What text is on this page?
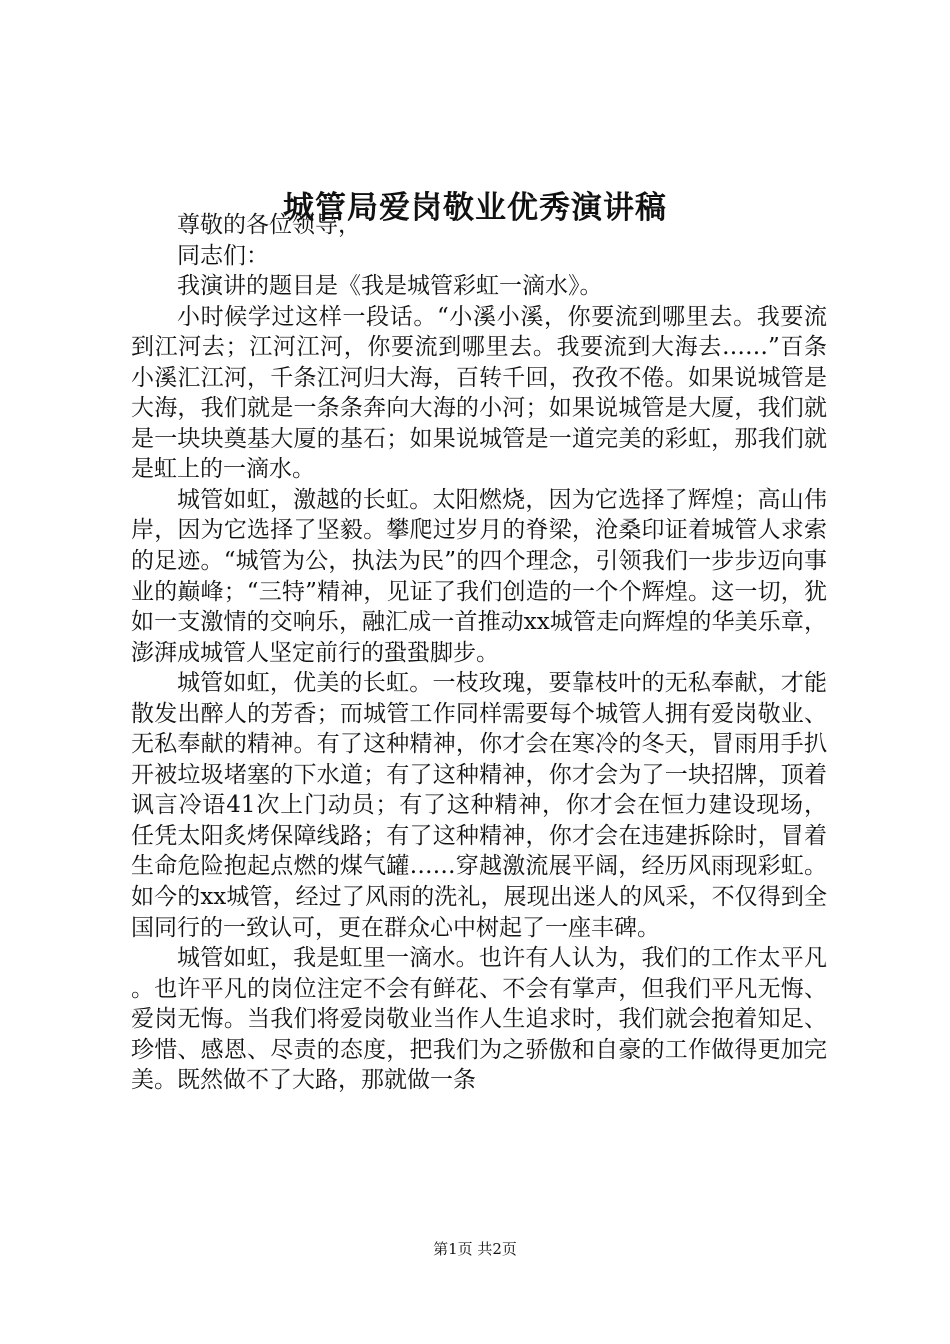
城管局爱岗敬业优秀演讲稿

尊敬的各位领导，

同志们：

我演讲的题目是《我是城管彩虹一滴水》。

小时候学过这样一段话。“小溪小溪，你要流到哪里去。我要流到江河去；江河江河，你要流到哪里去。我要流到大海去……”百条小溪汇江河，千条江河归大海，百转千回，孜孜不倦。如果说城管是大海，我们就是一条条奔向大海的小河；如果说城管是大厦，我们就是一块块奠基大厦的基石；如果说城管是一道完美的彩虹，那我们就是虹上的一滴水。

城管如虹，激越的长虹。太阳燃烧，因为它选择了辉煌；高山伟岸，因为它选择了坚毅。攀爬过岁月的脊梁，沧桑印证着城管人求索的足迹。“城管为公，执法为民”的四个理念，引领我们一步步迈向事业的巅峰；“三特”精神，见证了我们创造的一个个辉煌。这一切，犹如一支激情的交响乐，融汇成一首推动xx城管走向辉煌的华美乐章，澎湃成城管人坚定前行的蛩蛩脚步。

城管如虹，优美的长虹。一枝玫瑰，要靠枝叶的无私奉献，才能散发出醉人的芳香；而城管工作同样需要每个城管人拥有爱岗敬业、无私奉献的精神。有了这种精神，你才会在寒冷的冬天，冒雨用手扒开被垃圾堵塞的下水道；有了这种精神，你才会为了一块招牌，顶着讽言冷语41次上门动员；有了这种精神，你才会在恒力建设现场，任凭太阳炙烤保障线路；有了这种精神，你才会在违建拆除时，冒着生命危险抱起点燃的煤气罐……穿越激流展平阔，经历风雨现彩虹。如今的xx城管，经过了风雨的洗礼，展现出迷人的风采，不仅得到全国同行的一致认可，更在群众心中树起了一座丰碑。

城管如虹，我是虹里一滴水。也许有人认为，我们的工作太平凡。也许平凡的岗位注定不会有鲜花、不会有掌声，但我们平凡无悔、爱岗无悔。当我们将爱岗敬业当作人生追求时，我们就会抱着知足、珍惜、感恩、尽责的态度，把我们为之骄傲和自豪的工作做得更加完美。既然做不了大路，那就做一条

第1页 共2页
